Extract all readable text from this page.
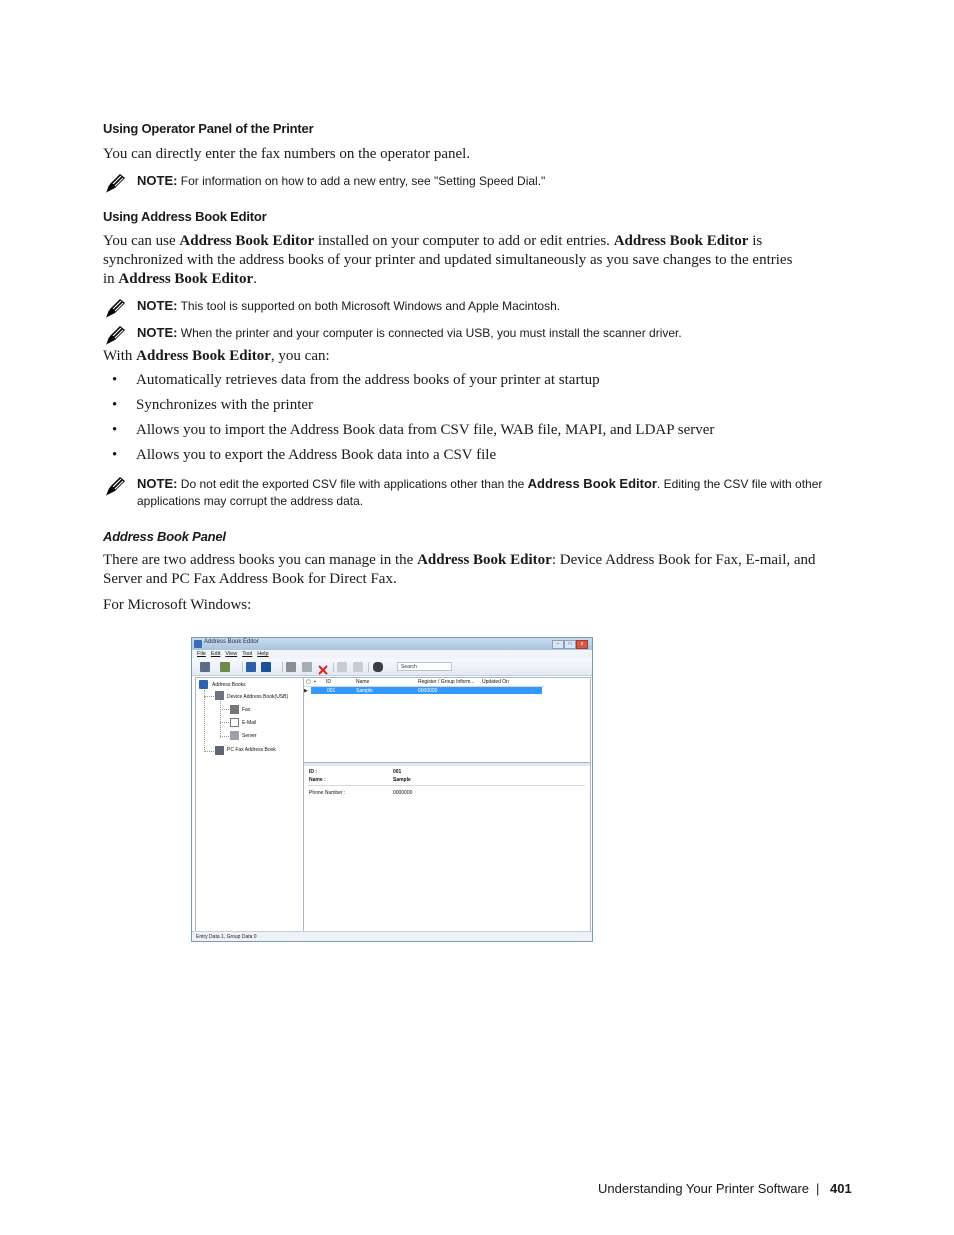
Using Operator Panel of the Printer
You can directly enter the fax numbers on the operator panel.
NOTE: For information on how to add a new entry, see "Setting Speed Dial."
Using Address Book Editor
You can use Address Book Editor installed on your computer to add or edit entries. Address Book Editor is
synchronized with the address books of your printer and updated simultaneously as you save changes to the entries
in Address Book Editor.
NOTE: This tool is supported on both Microsoft Windows and Apple Macintosh.
NOTE: When the printer and your computer is connected via USB, you must install the scanner driver.
With Address Book Editor, you can:
• Automatically retrieves data from the address books of your printer at startup
• Synchronizes with the printer
• Allows you to import the Address Book data from CSV file, WAB file, MAPI, and LDAP server
• Allows you to export the Address Book data into a CSV file
NOTE: Do not edit the exported CSV file with applications other than the Address Book Editor. Editing the CSV file with other
applications may corrupt the address data.
Address Book Panel
There are two address books you can manage in the Address Book Editor: Device Address Book for Fax, E-mail, and
Server and PC Fax Address Book for Direct Fax.
For Microsoft Windows:
Address Book Editor	–	□	x
File Edit View Tool Help
Search
Address Books
Device Address Book(USB)
Fax
E-Mail
Server
PC Fax Address Book
▢ ▪ ID	Name	Register / Group Inform... Updated On
▶	001	Sample	0000000
ID :	001
Name :	Sample
Phone Number :	0000000
Entry Data 1, Group Data 0
Understanding Your Printer Software | 401
